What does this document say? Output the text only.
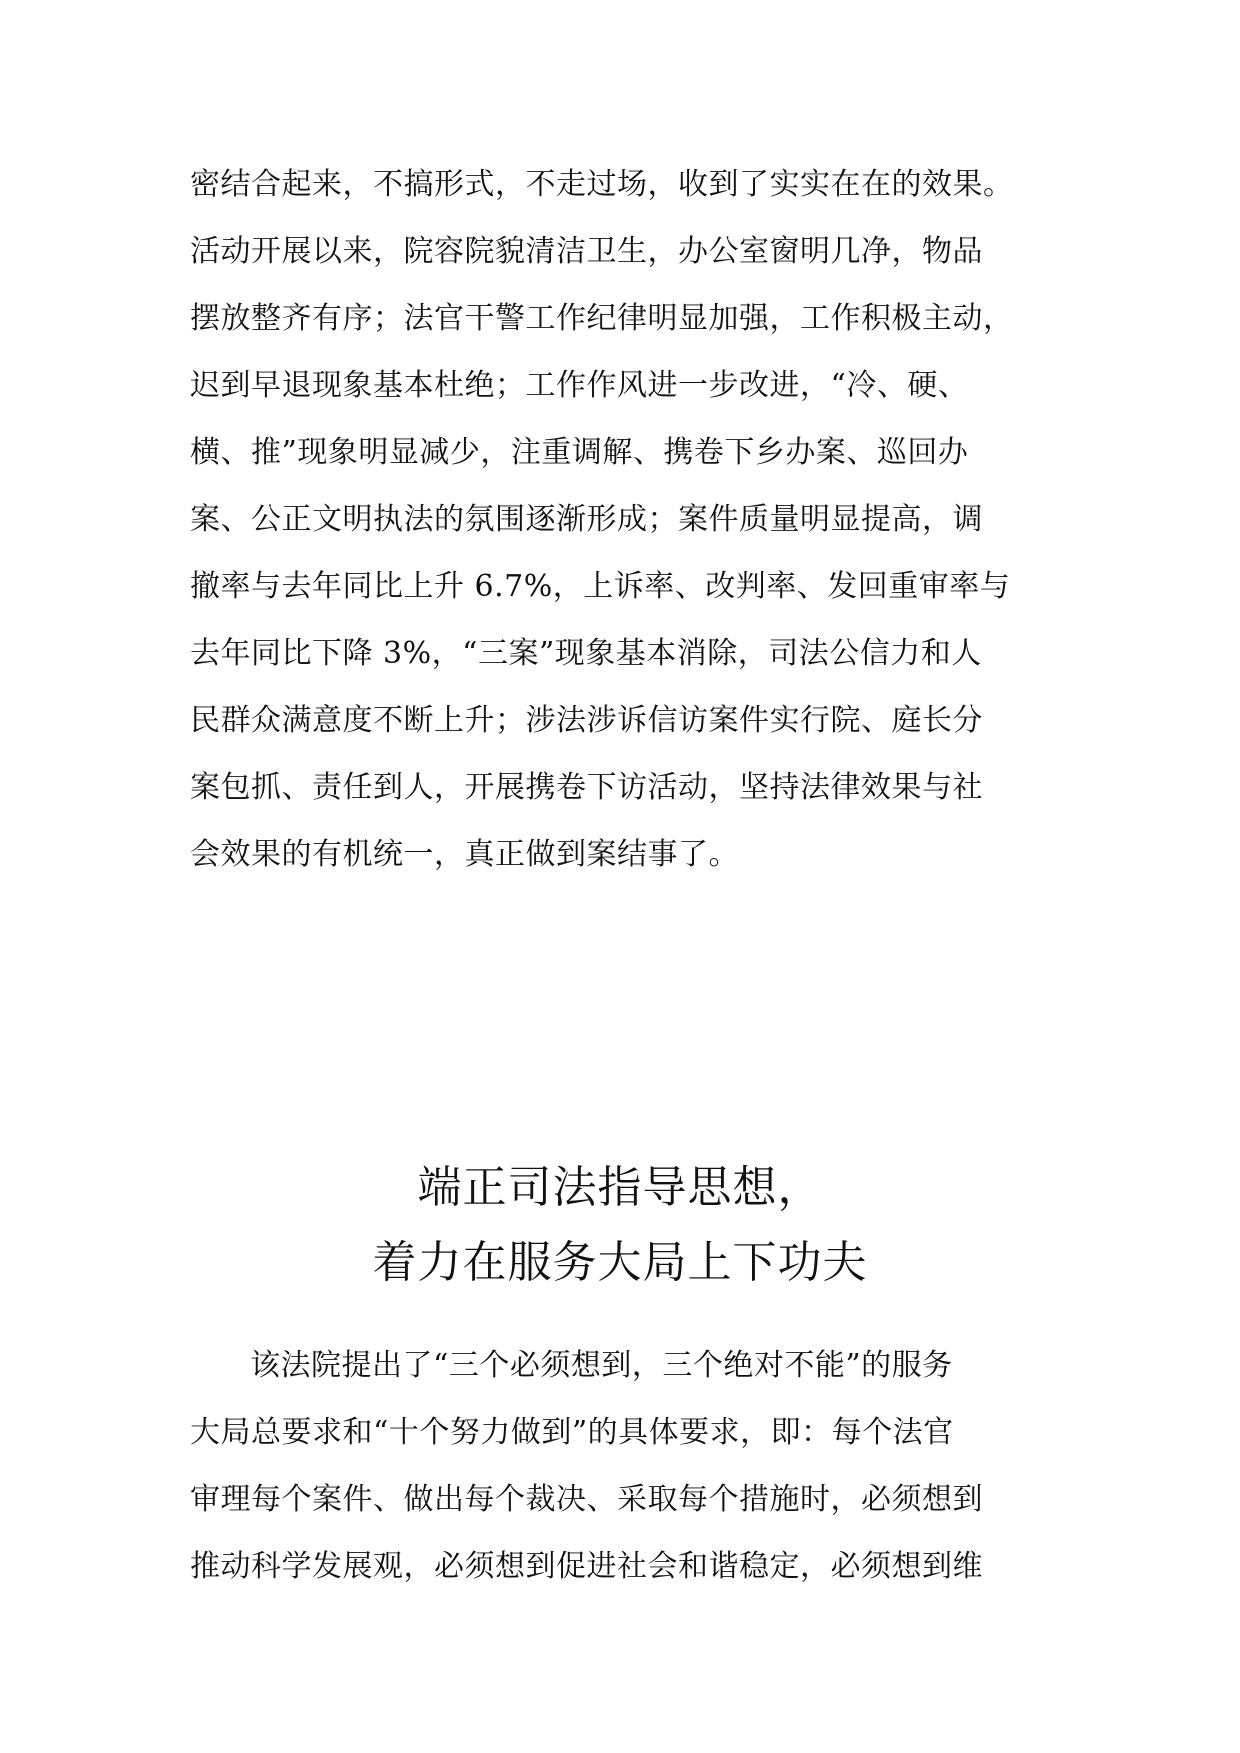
密结合起来，不搞形式，不走过场，收到了实实在在的效果。
活动开展以来，院容院貌清洁卫生，办公室窗明几净，物品
摆放整齐有序；法官干警工作纪律明显加强，工作积极主动，
迟到早退现象基本杜绝；工作作风进一步改进，“冷、硬、
横、推”现象明显减少，注重调解、携卷下乡办案、巡回办
案、公正文明执法的氛围逐渐形成；案件质量明显提高，调
撤率与去年同比上升 6.7%，上诉率、改判率、发回重审率与
去年同比下降 3%，“三案”现象基本消除，司法公信力和人
民群众满意度不断上升；涉法涉诉信访案件实行院、庭长分
案包抓、责任到人，开展携卷下访活动，坚持法律效果与社
会效果的有机统一，真正做到案结事了。
端正司法指导思想，
着力在服务大局上下功夫
该法院提出了“三个必须想到，三个绝对不能”的服务
大局总要求和“十个努力做到”的具体要求，即：每个法官
审理每个案件、做出每个裁决、采取每个措施时，必须想到
推动科学发展观，必须想到促进社会和谐稳定，必须想到维
